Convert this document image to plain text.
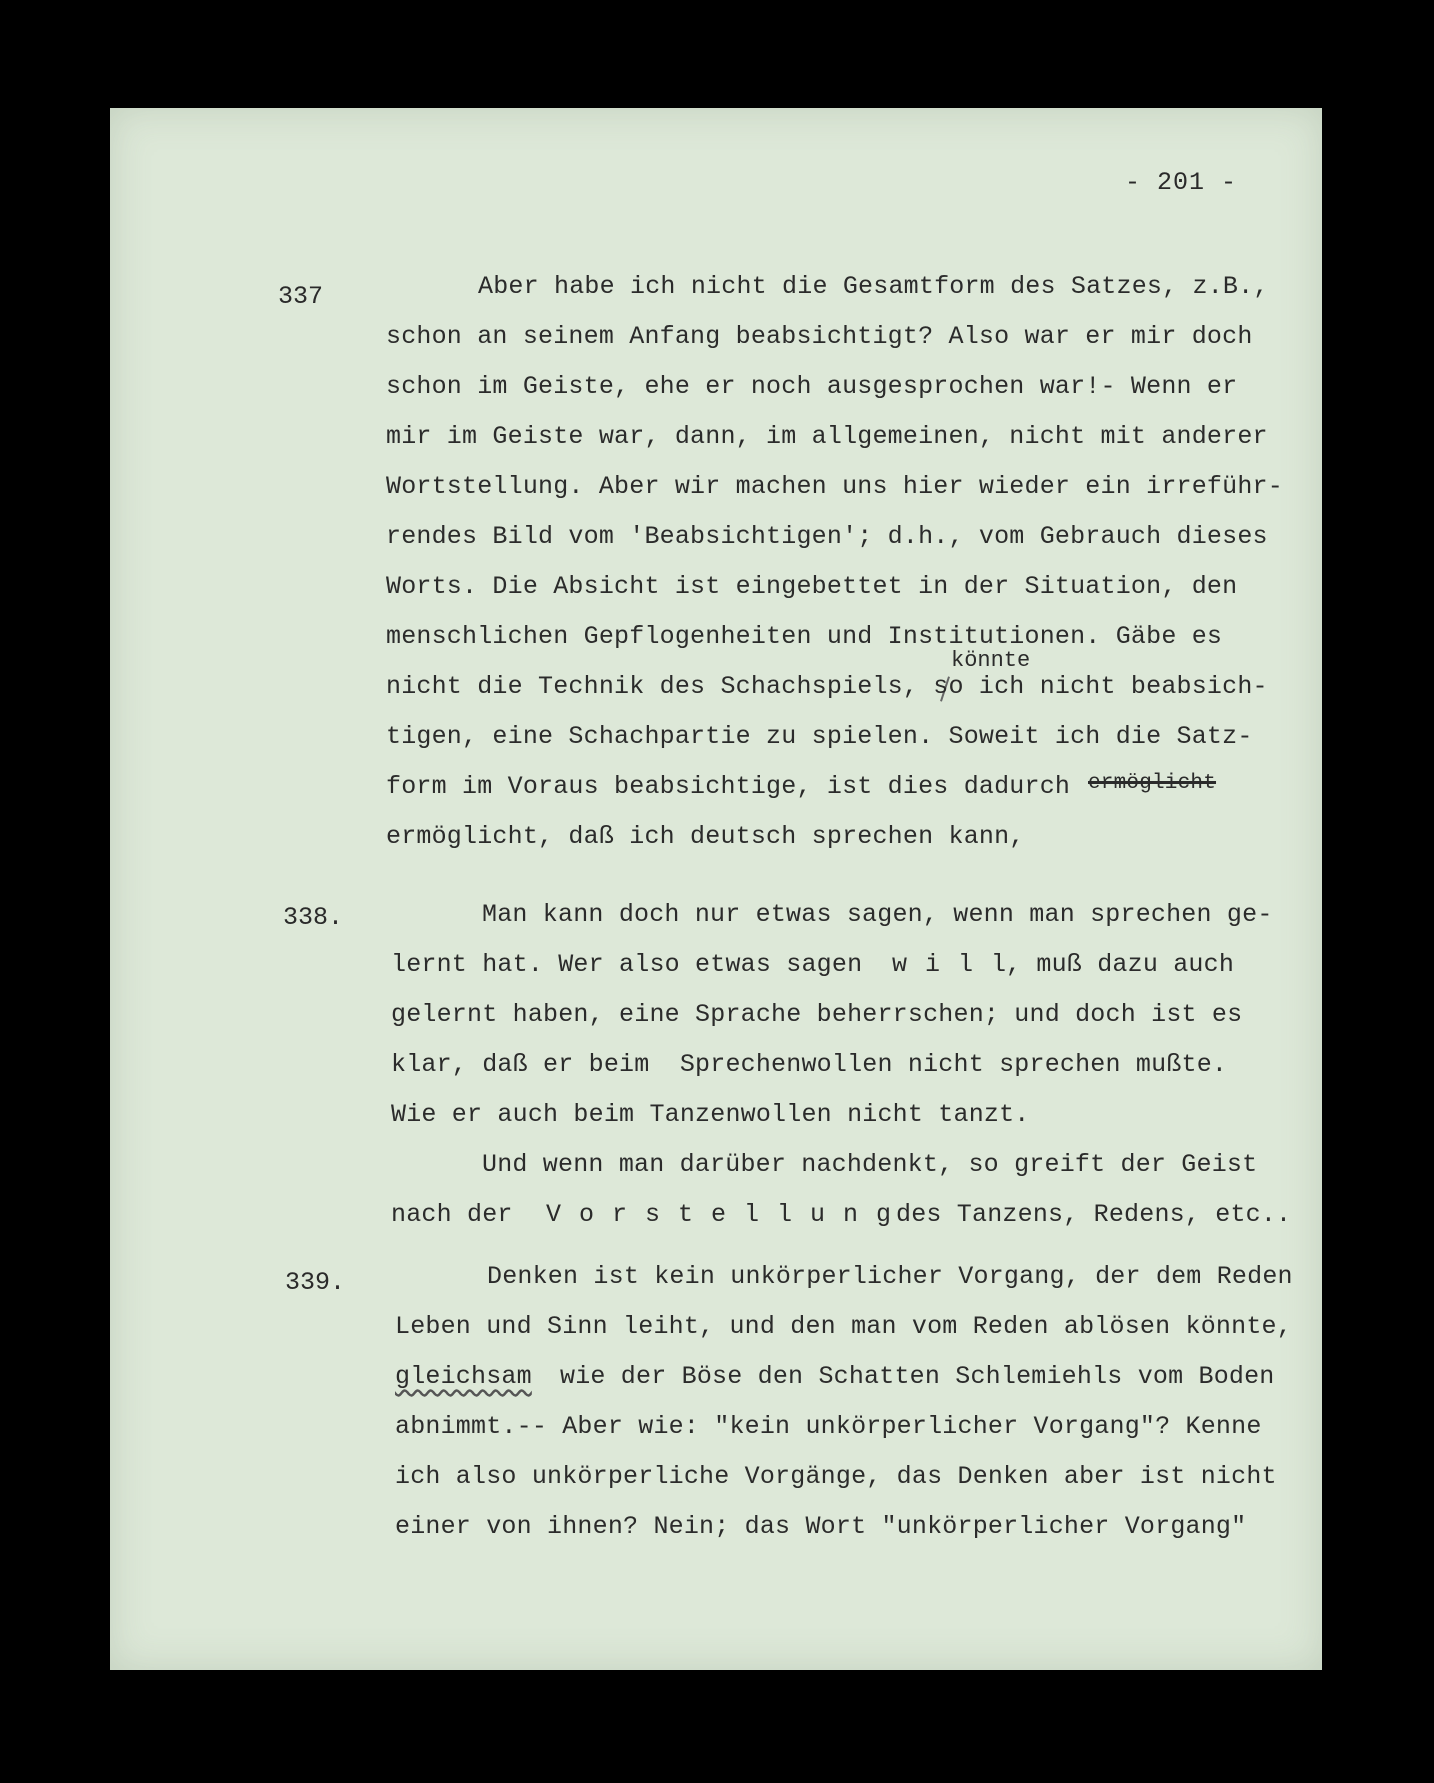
- 201 -
337	Aber habe ich nicht die Gesamtform des Satzes, z.B.,
schon an seinem Anfang beabsichtigt? Also war er mir doch
schon im Geiste, ehe er noch ausgesprochen war!- Wenn er
mir im Geiste war, dann, im allgemeinen, nicht mit anderer
Wortstellung. Aber wir machen uns hier wieder ein irreführ-
rendes Bild vom 'Beabsichtigen'; d.h., vom Gebrauch dieses
Worts. Die Absicht ist eingebettet in der Situation, den
menschlichen Gepflogenheiten und Institutionen. Gäbe es
könnte
nicht die Technik des Schachspiels, so ich nicht beabsich-
tigen, eine Schachpartie zu spielen. Soweit ich die Satz-
form im Voraus beabsichtige, ist dies dadurch ermöglicht
ermöglicht, daß ich deutsch sprechen kann,
338.	Man kann doch nur etwas sagen, wenn man sprechen ge-
lernt hat. Wer also etwas sagen will
, muß dazu auch
gelernt haben, eine Sprache beherrschen; und doch ist es
klar, daß er beim  Sprechenwollen nicht sprechen mußte.
Wie er auch beim Tanzenwollen nicht tanzt.
Und wenn man darüber nachdenkt, so greift der Geist
nach der Vorstellung
des Tanzens, Redens, etc..
339.	Denken ist kein unkörperlicher Vorgang, der dem Reden
Leben und Sinn leiht, und den man vom Reden ablösen könnte,
gleichsam wie der Böse den Schatten Schlemiehls vom Boden
abnimmt.-- Aber wie: "kein unkörperlicher Vorgang"? Kenne
ich also unkörperliche Vorgänge, das Denken aber ist nicht
einer von ihnen? Nein; das Wort "unkörperlicher Vorgang"
